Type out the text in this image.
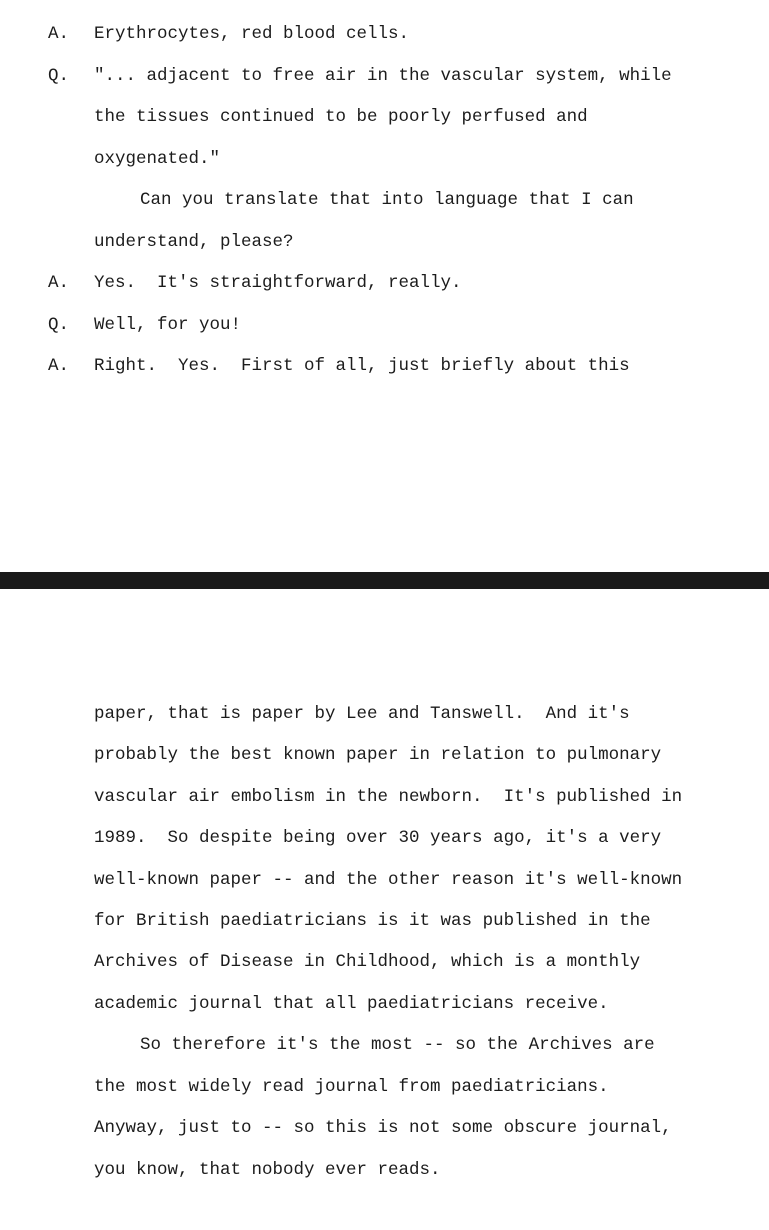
A.

Erythrocytes, red blood cells.

Q.

"... adjacent to free air in the vascular system, while

the tissues continued to be poorly perfused and

oxygenated."

Can you translate that into language that I can

understand, please?

A.

Yes.  It's straightforward, really.

Q.

Well, for you!

A.

Right.  Yes.  First of all, just briefly about this

paper, that is paper by Lee and Tanswell.  And it's

probably the best known paper in relation to pulmonary

vascular air embolism in the newborn.  It's published in

1989.  So despite being over 30 years ago, it's a very

well-known paper -- and the other reason it's well-known

for British paediatricians is it was published in the

Archives of Disease in Childhood, which is a monthly

academic journal that all paediatricians receive.

So therefore it's the most -- so the Archives are

the most widely read journal from paediatricians.

Anyway, just to -- so this is not some obscure journal,

you know, that nobody ever reads.
